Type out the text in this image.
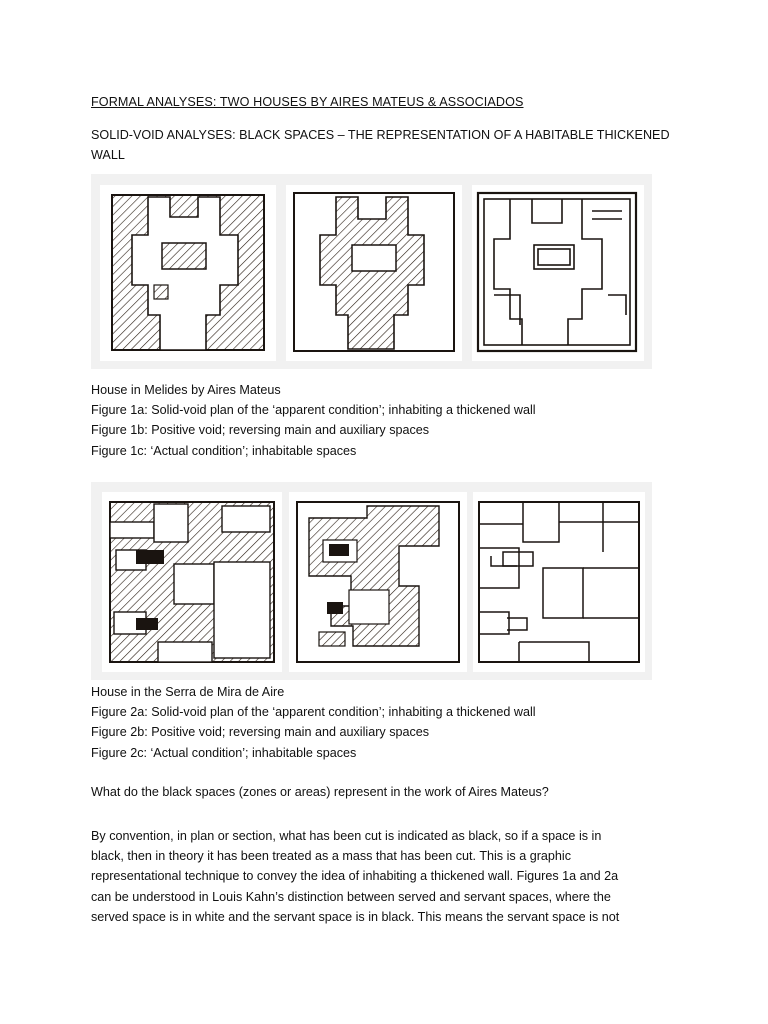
FORMAL ANALYSES: TWO HOUSES BY AIRES MATEUS & ASSOCIADOS
SOLID-VOID ANALYSES: BLACK SPACES – THE REPRESENTATION OF A HABITABLE THICKENED WALL
House in Melides by Aires Mateus
Figure 1a: Solid-void plan of the ‘apparent condition’; inhabiting a thickened wall
Figure 1b: Positive void; reversing main and auxiliary spaces
Figure 1c: ‘Actual condition’; inhabitable spaces
House in the Serra de Mira de Aire
Figure 2a: Solid-void plan of the ‘apparent condition’; inhabiting a thickened wall
Figure 2b: Positive void; reversing main and auxiliary spaces
Figure 2c: ‘Actual condition’; inhabitable spaces
What do the black spaces (zones or areas) represent in the work of Aires Mateus?
By convention, in plan or section, what has been cut is indicated as black, so if a space is in
black, then in theory it has been treated as a mass that has been cut. This is a graphic
representational technique to convey the idea of inhabiting a thickened wall. Figures 1a and 2a
can be understood in Louis Kahn’s distinction between served and servant spaces, where the
served space is in white and the servant space is in black. This means the servant space is not
